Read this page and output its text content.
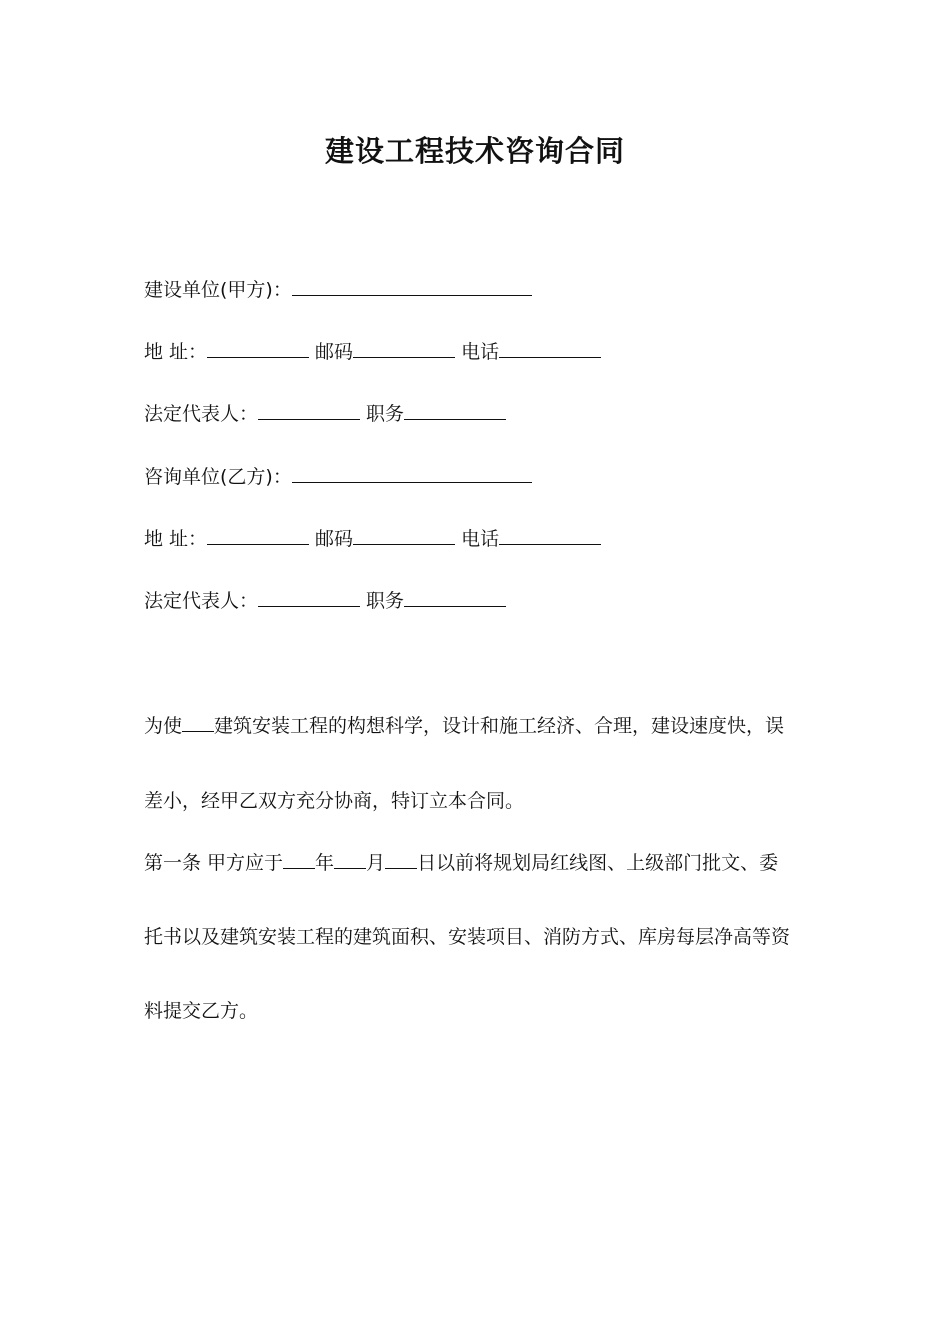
建设工程技术咨询合同
建设单位(甲方)：
地 址：	邮码	电话
法定代表人：	职务
咨询单位(乙方)：
地 址：	邮码	电话
法定代表人：	职务
为使 建筑安装工程的构想科学，设计和施工经济、合理，建设速度快，误
差小，经甲乙双方充分协商，特订立本合同。
第一条 甲方应于 年 月 日以前将规划局红线图、上级部门批文、委
托书以及建筑安装工程的建筑面积、安装项目、消防方式、库房每层净高等资
料提交乙方。
